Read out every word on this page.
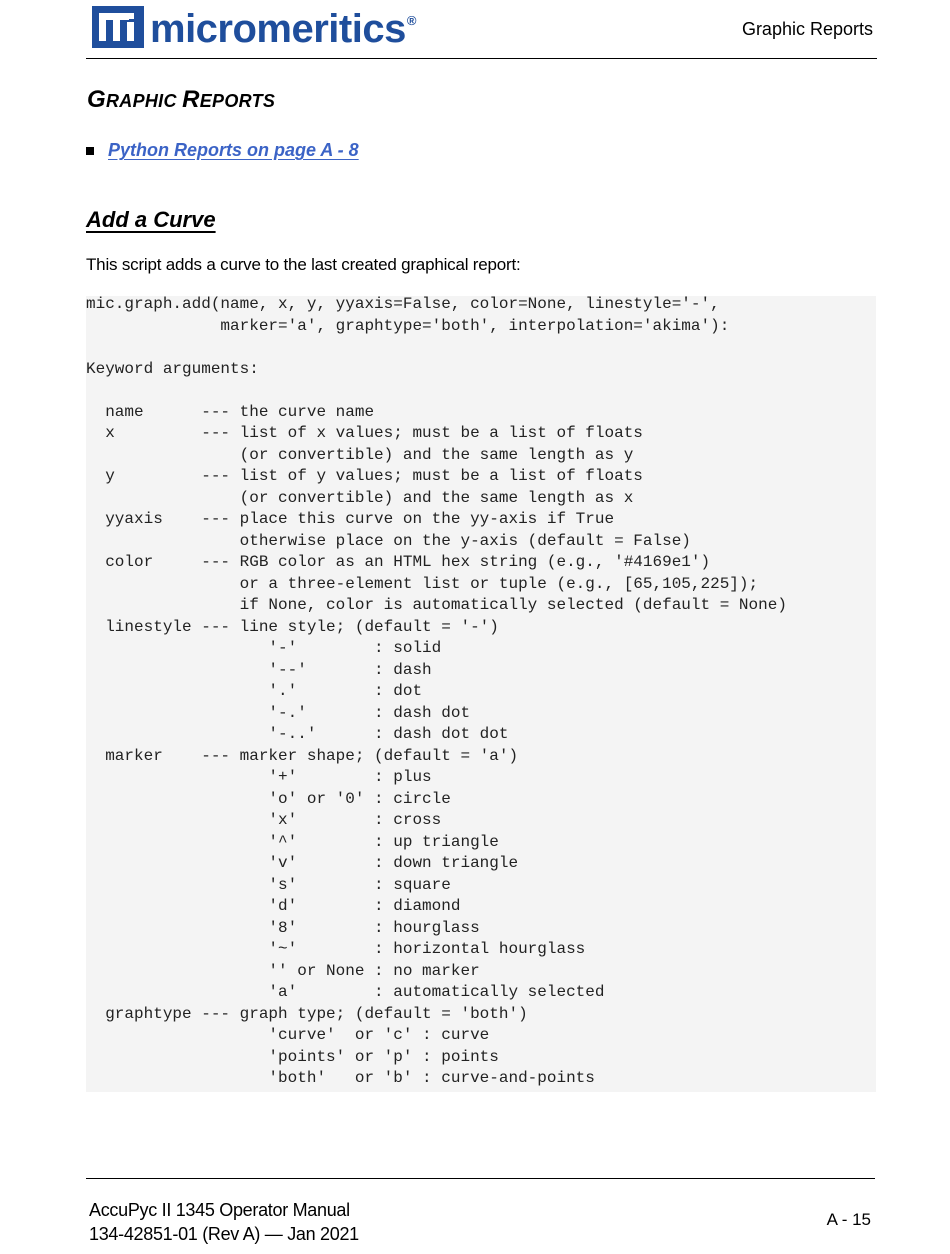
micromeritics®	Graphic Reports
GRAPHIC REPORTS
Python Reports on page A - 8
Add a Curve
This script adds a curve to the last created graphical report:
mic.graph.add(name, x, y, yyaxis=False, color=None, linestyle='-',
marker='a', graphtype='both', interpolation='akima'):
Keyword arguments:
name      --- the curve name
x         --- list of x values; must be a list of floats
(or convertible) and the same length as y
y         --- list of y values; must be a list of floats
(or convertible) and the same length as x
yyaxis    --- place this curve on the yy-axis if True
otherwise place on the y-axis (default = False)
color     --- RGB color as an HTML hex string (e.g., '#4169e1')
or a three-element list or tuple (e.g., [65,105,225]);
if None, color is automatically selected (default = None)
linestyle --- line style; (default = '-')
'-'        : solid
'--'       : dash
'.'        : dot
'-.'       : dash dot
'-..'      : dash dot dot
marker    --- marker shape; (default = 'a')
'+'        : plus
'o' or '0' : circle
'x'        : cross
'^'        : up triangle
'v'        : down triangle
's'        : square
'd'        : diamond
'8'        : hourglass
'~'        : horizontal hourglass
'' or None : no marker
'a'        : automatically selected
graphtype --- graph type; (default = 'both')
'curve'  or 'c' : curve
'points' or 'p' : points
'both'   or 'b' : curve-and-points
AccuPyc II 1345 Operator Manual
134-42851-01 (Rev A) — Jan 2021
A - 15
